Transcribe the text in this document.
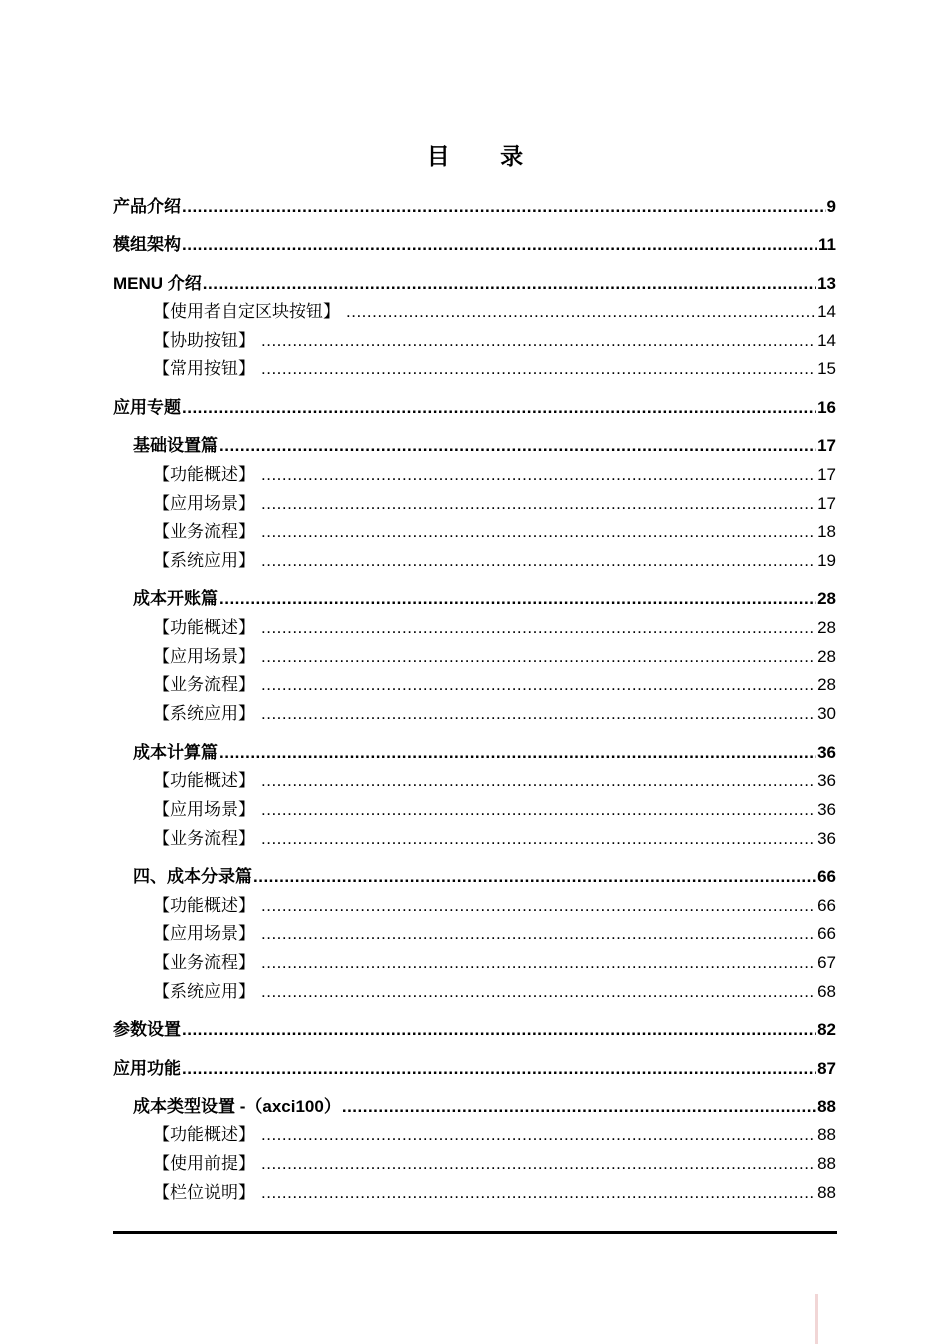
目 录
产品介绍 .....	9
模组架构 .....	11
MENU 介绍 .....	13
【使用者自定区块按钮】 .....	14
【协助按钮】 .....	14
【常用按钮】 .....	15
应用专题 .....	16
基础设置篇 .....	17
【功能概述】 .....	17
【应用场景】 .....	17
【业务流程】 .....	18
【系统应用】 .....	19
成本开账篇 .....	28
【功能概述】 .....	28
【应用场景】 .....	28
【业务流程】 .....	28
【系统应用】 .....	30
成本计算篇 .....	36
【功能概述】 .....	36
【应用场景】 .....	36
【业务流程】 .....	36
四、成本分录篇 .....	66
【功能概述】 .....	66
【应用场景】 .....	66
【业务流程】 .....	67
【系统应用】 .....	68
参数设置 .....	82
应用功能 .....	87
成本类型设置 -（axci100） .....	88
【功能概述】 .....	88
【使用前提】 .....	88
【栏位说明】 .....	88
